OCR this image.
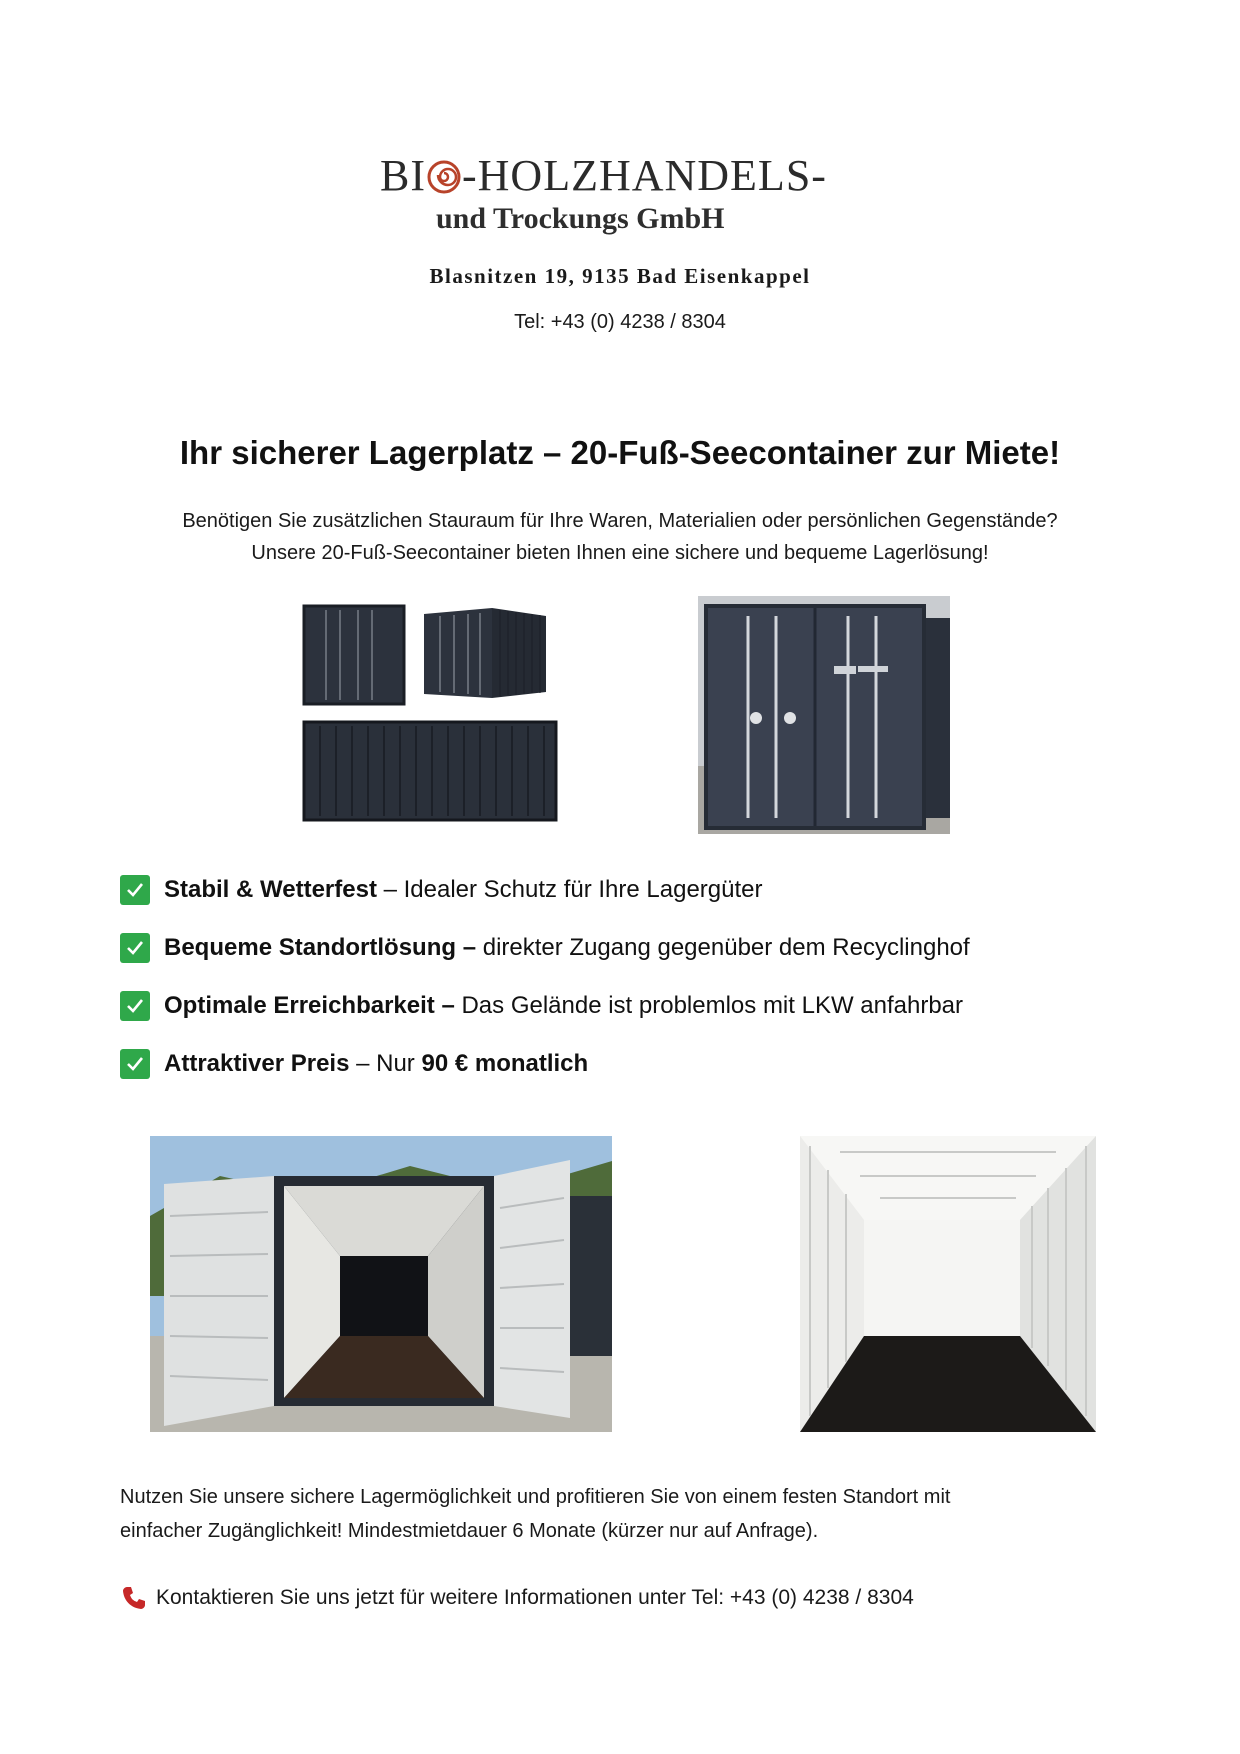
BI -HOLZHANDELS-
und Trockungs GmbH
Blasnitzen 19, 9135 Bad Eisenkappel
Tel: +43 (0) 4238 / 8304
Ihr sicherer Lagerplatz – 20-Fuß-Seecontainer zur Miete!
Benötigen Sie zusätzlichen Stauraum für Ihre Waren, Materialien oder persönlichen Gegenstände?
Unsere 20-Fuß-Seecontainer bieten Ihnen eine sichere und bequeme Lagerlösung!
Stabil & Wetterfest – Idealer Schutz für Ihre Lagergüter
Bequeme Standortlösung – direkter Zugang gegenüber dem Recyclinghof
Optimale Erreichbarkeit – Das Gelände ist problemlos mit LKW anfahrbar
Attraktiver Preis – Nur 90 € monatlich
Nutzen Sie unsere sichere Lagermöglichkeit und profitieren Sie von einem festen Standort mit
einfacher Zugänglichkeit! Mindestmietdauer 6 Monate (kürzer nur auf Anfrage).
Kontaktieren Sie uns jetzt für weitere Informationen unter Tel: +43 (0) 4238 / 8304
